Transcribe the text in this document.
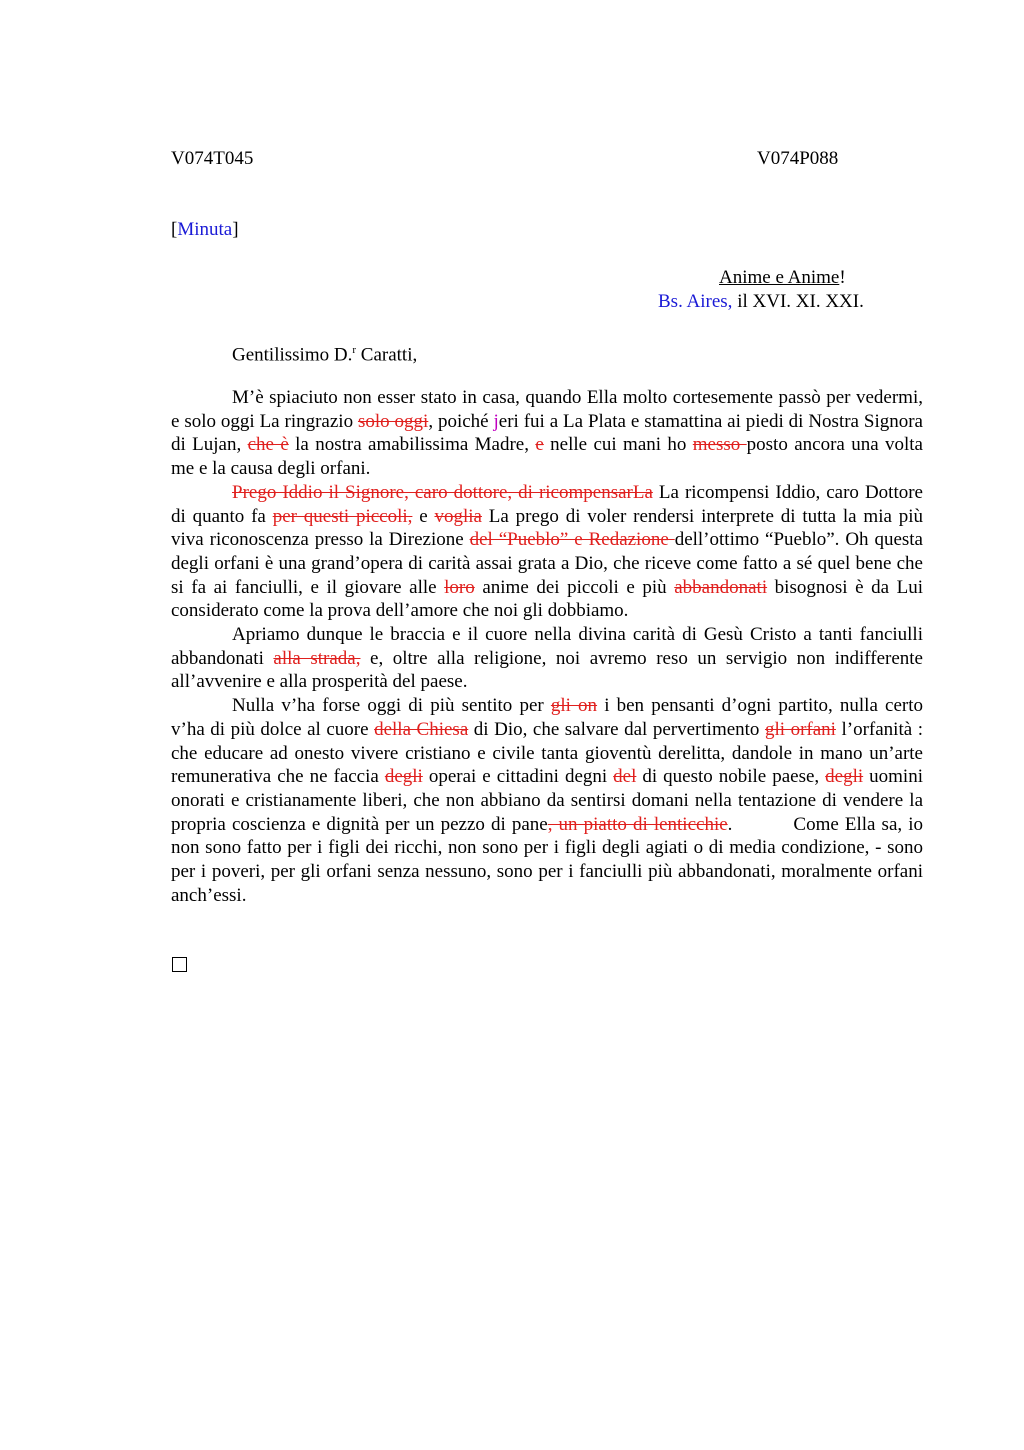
V074T045	V074P088
[Minuta]
Anime e Anime!
Bs. Aires, il XVI. XI. XXI.
Gentilissimo D.$^r$ Caratti,

M’è spiaciuto non esser stato in casa, quando Ella molto cortesemente passò per vedermi, e solo oggi La ringrazio solo oggi, poiché jeri fui a La Plata e stamattina ai piedi di Nostra Signora di Lujan, che è la nostra amabilissima Madre, e nelle cui mani ho messo posto ancora una volta me e la causa degli orfani.

Prego Iddio il Signore, caro dottore, di ricompensarLa La ricompensi Iddio, caro Dottore di quanto fa per questi piccoli, e voglia La prego di voler rendersi interprete di tutta la mia più viva riconoscenza presso la Direzione del “Pueblo” e Redazione dell’ottimo “Pueblo”. Oh questa degli orfani è una grand’opera di carità assai grata a Dio, che riceve come fatto a sé quel bene che si fa ai fanciulli, e il giovare alle loro anime dei piccoli e più abbandonati bisognosi è da Lui considerato come la prova dell’amore che noi gli dobbiamo.

Apriamo dunque le braccia e il cuore nella divina carità di Gesù Cristo a tanti fanciulli abbandonati alla strada, e, oltre alla religione, noi avremo reso un servigio non indifferente all’avvenire e alla prosperità del paese.

Nulla v’ha forse oggi di più sentito per gli on i ben pensanti d’ogni partito, nulla certo v’ha di più dolce al cuore della Chiesa di Dio, che salvare dal pervertimento gli orfani l’orfanità : che educare ad onesto vivere cristiano e civile tanta gioventù derelitta, dandole in mano un’arte remunerativa che ne faccia degli operai e cittadini degni del di questo nobile paese, degli uomini onorati e cristianamente liberi, che non abbiano da sentirsi domani nella tentazione di vendere la propria coscienza e dignità per un pezzo di pane, un piatto di lenticchie.	Come Ella sa, io non sono fatto per i figli dei ricchi, non sono per i figli degli agiati o di media condizione, - sono per i poveri, per gli orfani senza nessuno, sono per i fanciulli più abbandonati, moralmente orfani anch’essi.
